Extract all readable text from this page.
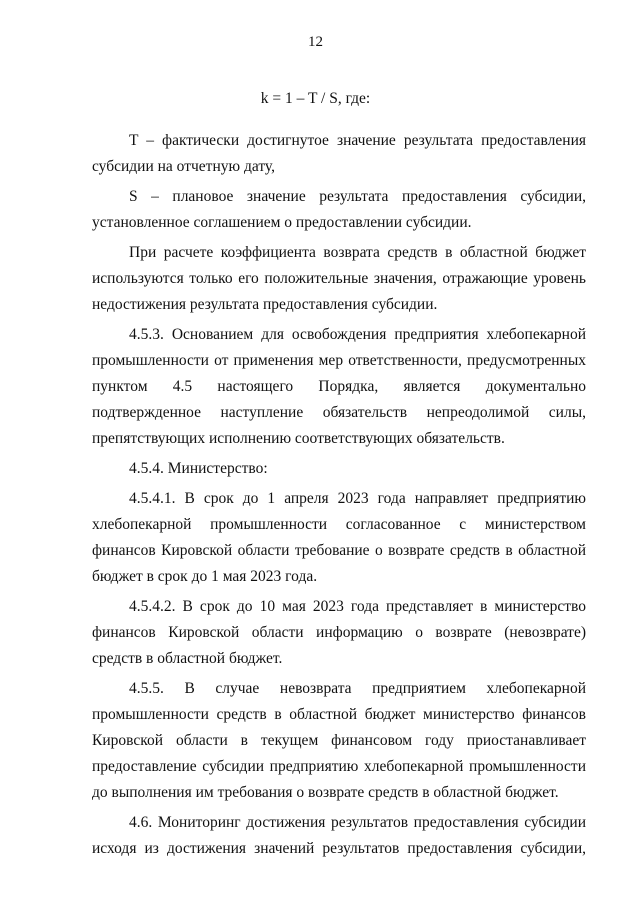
12
k = 1 – T / S, где:

T – фактически достигнутое значение результата предоставления субсидии на отчетную дату,

S – плановое значение результата предоставления субсидии, установленное соглашением о предоставлении субсидии.

При расчете коэффициента возврата средств в областной бюджет используются только его положительные значения, отражающие уровень недостижения результата предоставления субсидии.

4.5.3. Основанием для освобождения предприятия хлебопекарной промышленности от применения мер ответственности, предусмотренных пунктом 4.5 настоящего Порядка, является документально подтвержденное наступление обязательств непреодолимой силы, препятствующих исполнению соответствующих обязательств.

4.5.4. Министерство:

4.5.4.1. В срок до 1 апреля 2023 года направляет предприятию хлебопекарной промышленности согласованное с министерством финансов Кировской области требование о возврате средств в областной бюджет в срок до 1 мая 2023 года.

4.5.4.2. В срок до 10 мая 2023 года представляет в министерство финансов Кировской области информацию о возврате (невозврате) средств в областной бюджет.

4.5.5. В случае невозврата предприятием хлебопекарной промышленности средств в областной бюджет министерство финансов Кировской области в текущем финансовом году приостанавливает предоставление субсидии предприятию хлебопекарной промышленности до выполнения им требования о возврате средств в областной бюджет.

4.6. Мониторинг достижения результатов предоставления субсидии исходя из достижения значений результатов предоставления субсидии,
